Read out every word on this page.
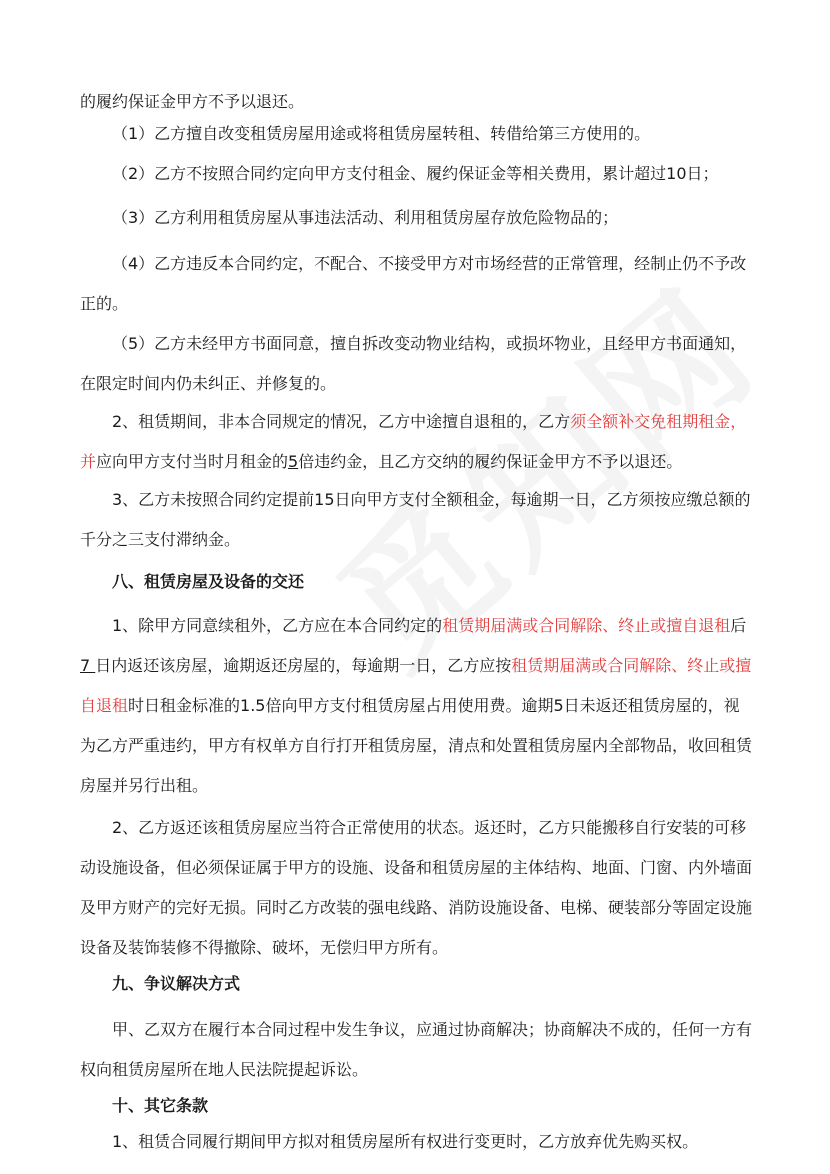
的履约保证金甲方不予以退还。
（1）乙方擅自改变租赁房屋用途或将租赁房屋转租、转借给第三方使用的。
（2）乙方不按照合同约定向甲方支付租金、履约保证金等相关费用，累计超过10日；
（3）乙方利用租赁房屋从事违法活动、利用租赁房屋存放危险物品的；
（4）乙方违反本合同约定，不配合、不接受甲方对市场经营的正常管理，经制止仍不予改正的。
（5）乙方未经甲方书面同意，擅自拆改变动物业结构，或损坏物业，且经甲方书面通知，在限定时间内仍未纠正、并修复的。
2、租赁期间，非本合同规定的情况，乙方中途擅自退租的，乙方须全额补交免租期租金，并应向甲方支付当时月租金的5倍违约金，且乙方交纳的履约保证金甲方不予以退还。
3、乙方未按照合同约定提前15日向甲方支付全额租金，每逾期一日，乙方须按应缴总额的千分之三支付滞纳金。
八、租赁房屋及设备的交还
1、除甲方同意续租外，乙方应在本合同约定的租赁期届满或合同解除、终止或擅自退租后 7 日内返还该房屋，逾期返还房屋的，每逾期一日，乙方应按租赁期届满或合同解除、终止或擅自退租时日租金标准的1.5倍向甲方支付租赁房屋占用使用费。逾期5日未返还租赁房屋的，视为乙方严重违约，甲方有权单方自行打开租赁房屋，清点和处置租赁房屋内全部物品，收回租赁房屋并另行出租。
2、乙方返还该租赁房屋应当符合正常使用的状态。返还时，乙方只能搬移自行安装的可移动设施设备，但必须保证属于甲方的设施、设备和租赁房屋的主体结构、地面、门窗、内外墙面及甲方财产的完好无损。同时乙方改装的强电线路、消防设施设备、电梯、硬装部分等固定设施设备及装饰装修不得撤除、破坏，无偿归甲方所有。
九、争议解决方式
甲、乙双方在履行本合同过程中发生争议，应通过协商解决；协商解决不成的，任何一方有权向租赁房屋所在地人民法院提起诉讼。
十、其它条款
1、租赁合同履行期间甲方拟对租赁房屋所有权进行变更时，乙方放弃优先购买权。
